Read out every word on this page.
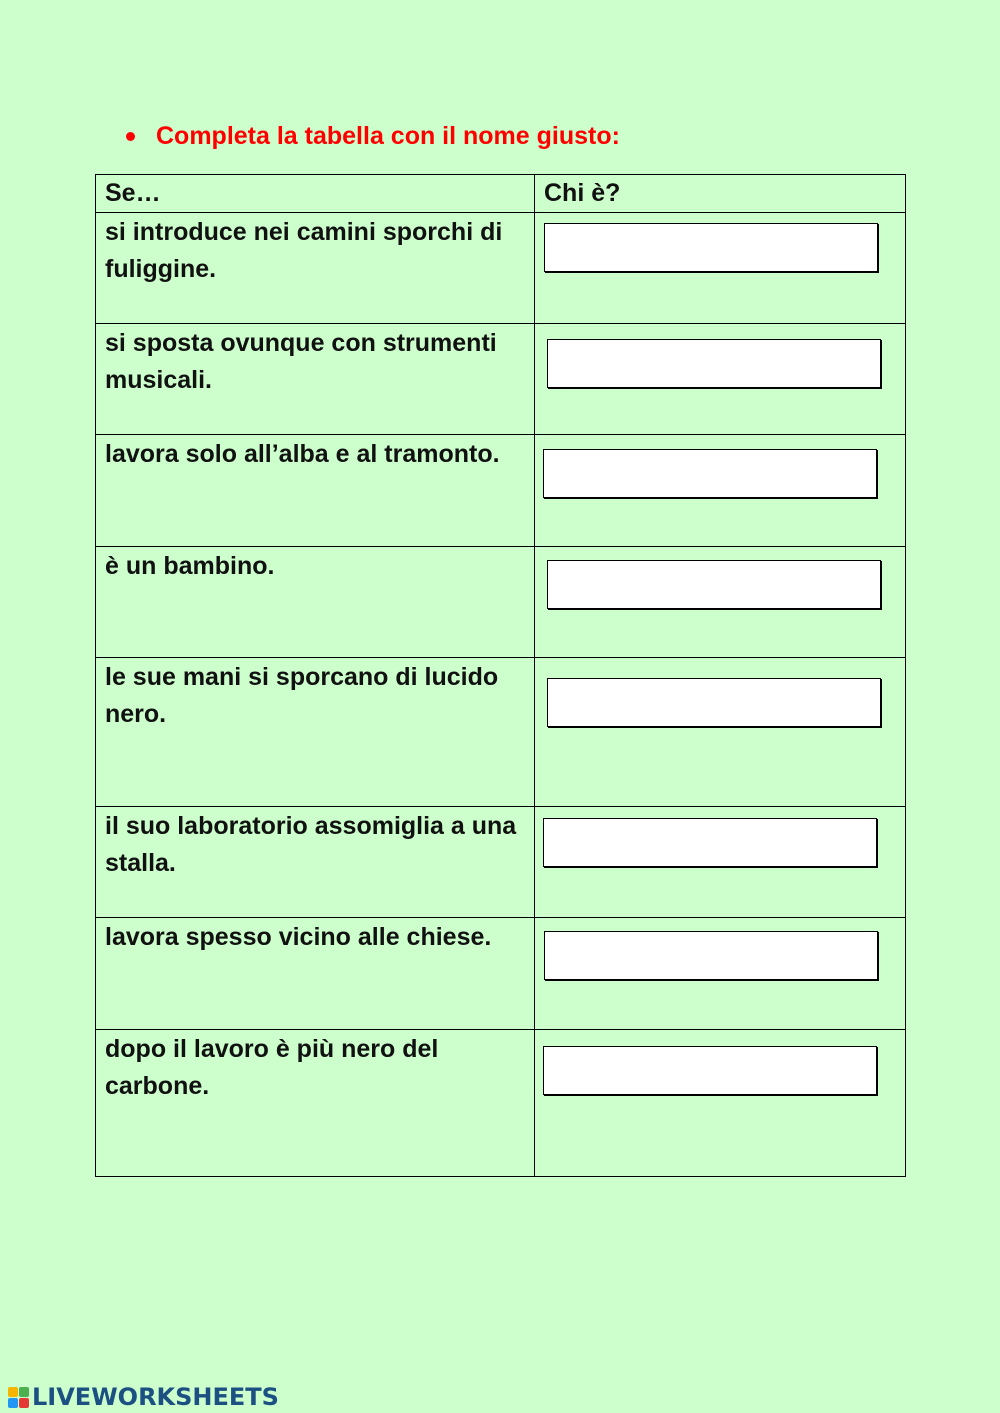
Completa la tabella con il nome giusto:
Se…	Chi è?
si introduce nei camini sporchi di fuliggine.	

si sposta ovunque con strumenti musicali.	

lavora solo all’alba e al tramonto.	

è un bambino.	

le sue mani si sporcano di lucido nero.	

il suo laboratorio assomiglia a una stalla.	

lavora spesso vicino alle chiese.	

dopo il lavoro è più nero del carbone.	
LIVEWORKSHEETS
